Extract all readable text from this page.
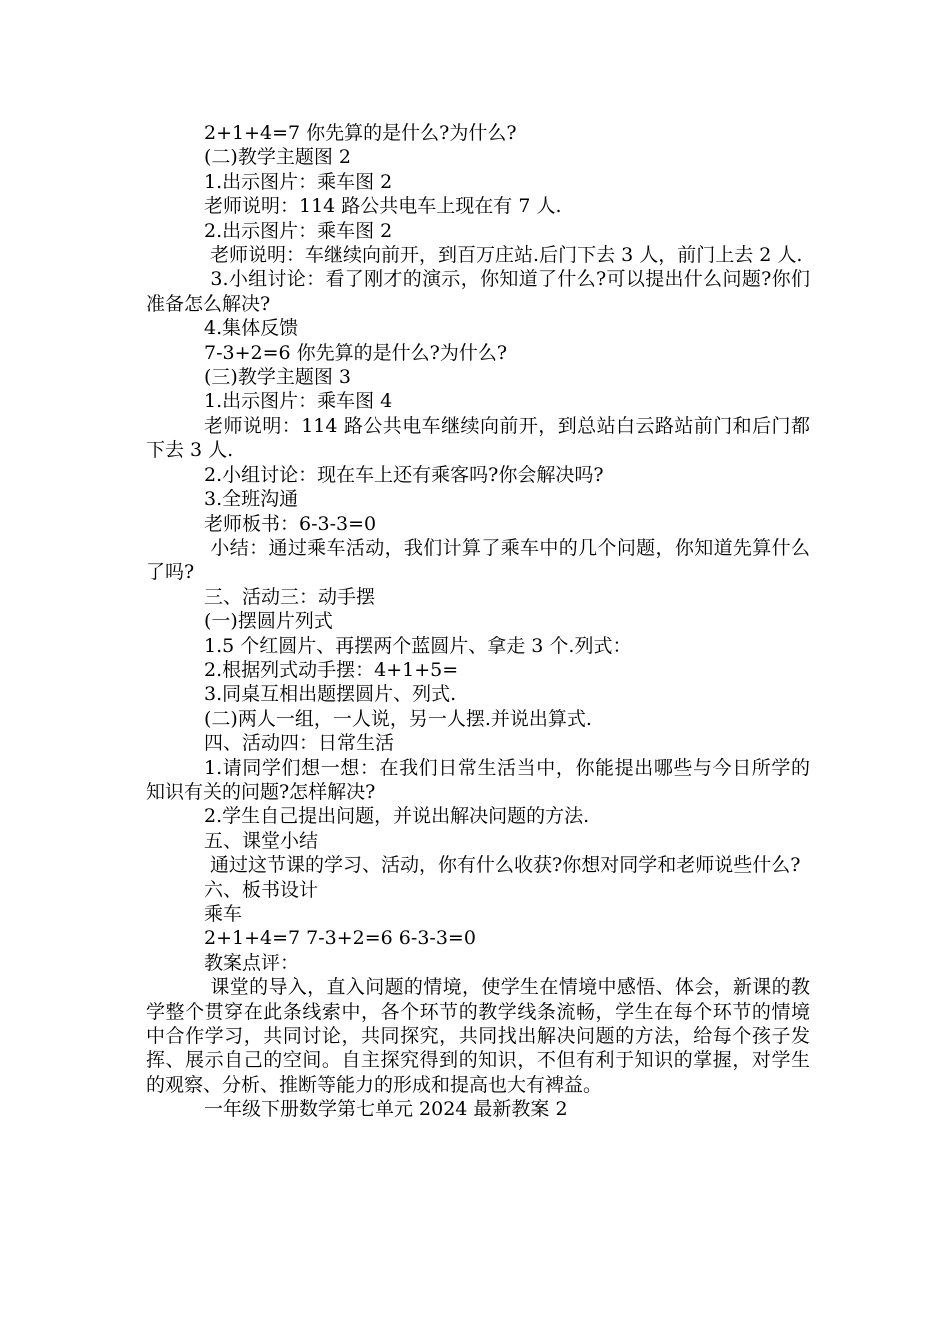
2+1+4=7 你先算的是什么?为什么?
(二)教学主题图 2
1.出示图片：乘车图 2
老师说明：114 路公共电车上现在有 7 人.
2.出示图片：乘车图 2
老师说明：车继续向前开，到百万庄站.后门下去 3 人，前门上去 2 人.
3.小组讨论：看了刚才的演示，你知道了什么?可以提出什么问题?你们准备怎么解决?
4.集体反馈
7-3+2=6 你先算的是什么?为什么?
(三)教学主题图 3
1.出示图片：乘车图 4
老师说明：114 路公共电车继续向前开，到总站白云路站前门和后门都下去 3 人.
2.小组讨论：现在车上还有乘客吗?你会解决吗?
3.全班沟通
老师板书：6-3-3=0
小结：通过乘车活动，我们计算了乘车中的几个问题，你知道先算什么了吗?
三、活动三：动手摆
(一)摆圆片列式
1.5 个红圆片、再摆两个蓝圆片、拿走 3 个.列式：
2.根据列式动手摆：4+1+5=
3.同桌互相出题摆圆片、列式.
(二)两人一组，一人说，另一人摆.并说出算式.
四、活动四：日常生活
1.请同学们想一想：在我们日常生活当中，你能提出哪些与今日所学的知识有关的问题?怎样解决?
2.学生自己提出问题，并说出解决问题的方法.
五、课堂小结
通过这节课的学习、活动，你有什么收获?你想对同学和老师说些什么?
六、板书设计
乘车
2+1+4=7 7-3+2=6 6-3-3=0
教案点评：
课堂的导入，直入问题的情境，使学生在情境中感悟、体会，新课的教学整个贯穿在此条线索中，各个环节的教学线条流畅，学生在每个环节的情境中合作学习，共同讨论，共同探究，共同找出解决问题的方法，给每个孩子发挥、展示自己的空间。自主探究得到的知识，不但有利于知识的掌握，对学生的观察、分析、推断等能力的形成和提高也大有裨益。
一年级下册数学第七单元 2024 最新教案 2
